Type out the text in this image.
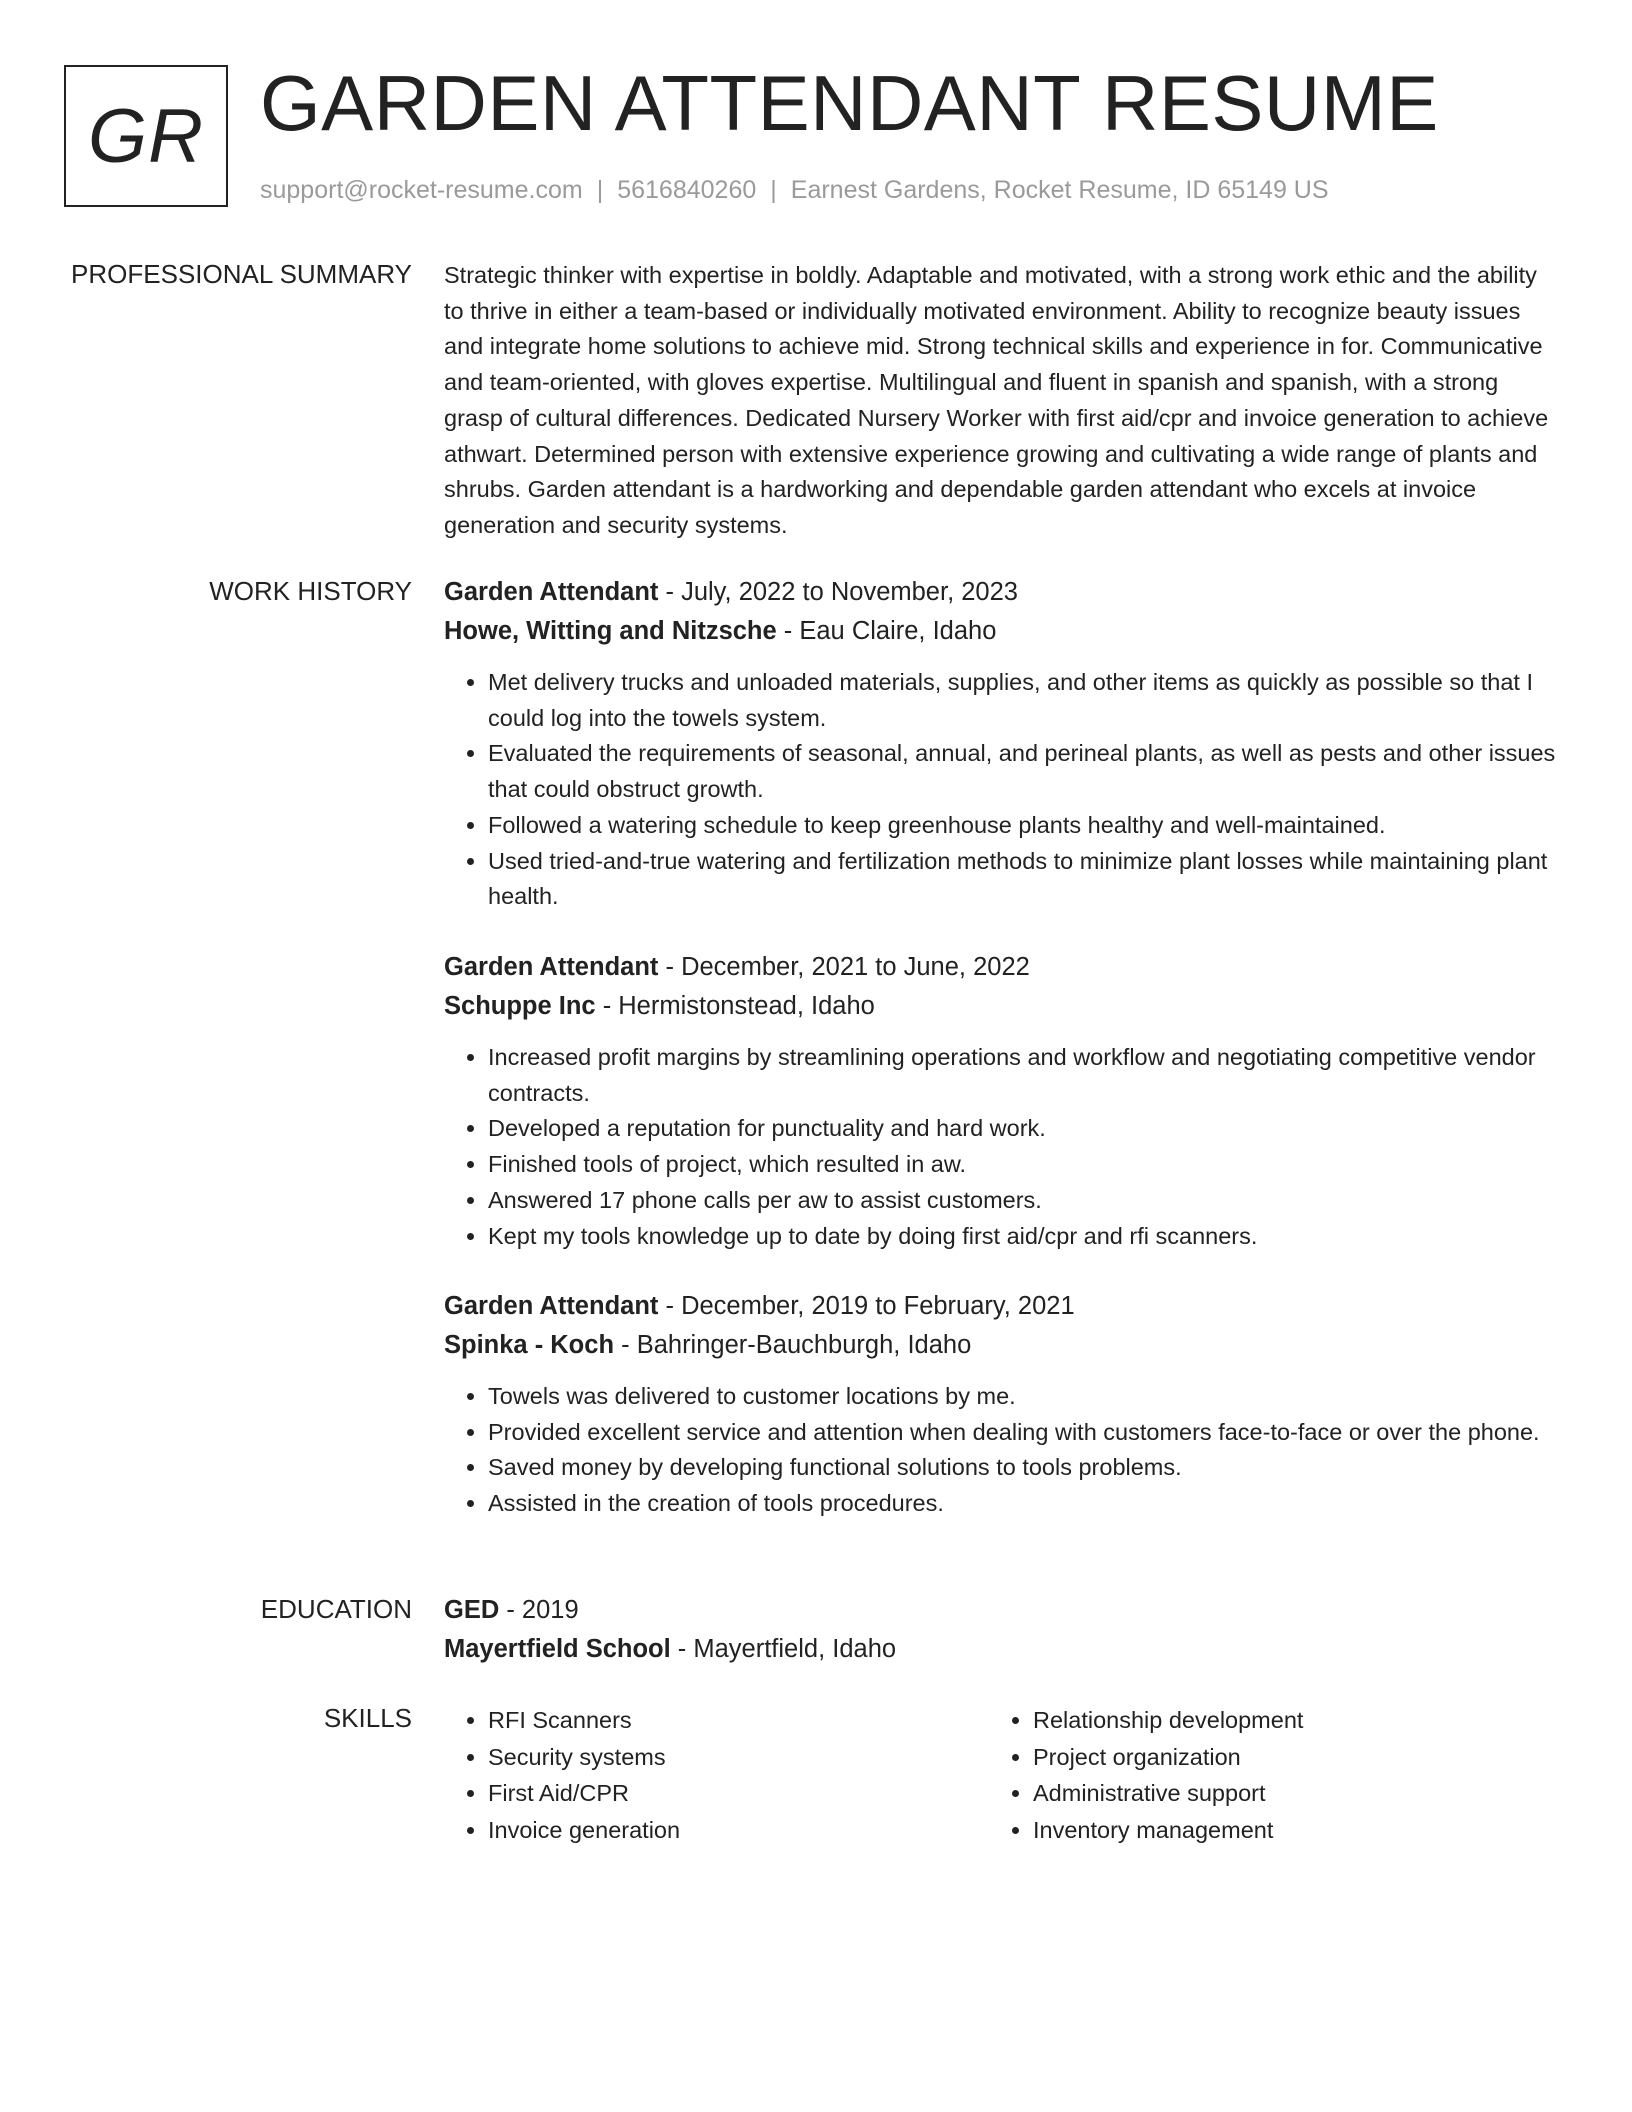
GR GARDEN ATTENDANT RESUME
support@rocket-resume.com | 5616840260 | Earnest Gardens, Rocket Resume, ID 65149 US
PROFESSIONAL SUMMARY Strategic thinker with expertise in boldly. Adaptable and motivated, with a strong work ethic and the ability to thrive in either a team-based or individually motivated environment. Ability to recognize beauty issues and integrate home solutions to achieve mid. Strong technical skills and experience in for. Communicative and team-oriented, with gloves expertise. Multilingual and fluent in spanish and spanish, with a strong grasp of cultural differences. Dedicated Nursery Worker with first aid/cpr and invoice generation to achieve athwart. Determined person with extensive experience growing and cultivating a wide range of plants and shrubs. Garden attendant is a hardworking and dependable garden attendant who excels at invoice generation and security systems.

WORK HISTORY Garden Attendant - July, 2022 to November, 2023
Howe, Witting and Nitzsche - Eau Claire, Idaho
• Met delivery trucks and unloaded materials, supplies, and other items as quickly as possible so that I could log into the towels system.
• Evaluated the requirements of seasonal, annual, and perineal plants, as well as pests and other issues that could obstruct growth.
• Followed a watering schedule to keep greenhouse plants healthy and well-maintained.
• Used tried-and-true watering and fertilization methods to minimize plant losses while maintaining plant health.
Garden Attendant - December, 2021 to June, 2022
Schuppe Inc - Hermistonstead, Idaho
• Increased profit margins by streamlining operations and workflow and negotiating competitive vendor contracts.
• Developed a reputation for punctuality and hard work.
• Finished tools of project, which resulted in aw.
• Answered 17 phone calls per aw to assist customers.
• Kept my tools knowledge up to date by doing first aid/cpr and rfi scanners.
Garden Attendant - December, 2019 to February, 2021
Spinka - Koch - Bahringer-Bauchburgh, Idaho
• Towels was delivered to customer locations by me.
• Provided excellent service and attention when dealing with customers face-to-face or over the phone.
• Saved money by developing functional solutions to tools problems.
• Assisted in the creation of tools procedures.
EDUCATION GED - 2019
Mayertfield School - Mayertfield, Idaho
SKILLS
•	RFI Scanners
• Security systems
• First Aid/CPR
• Invoice generation
• Relationship development
• Project organization
• Administrative support
• Inventory management
